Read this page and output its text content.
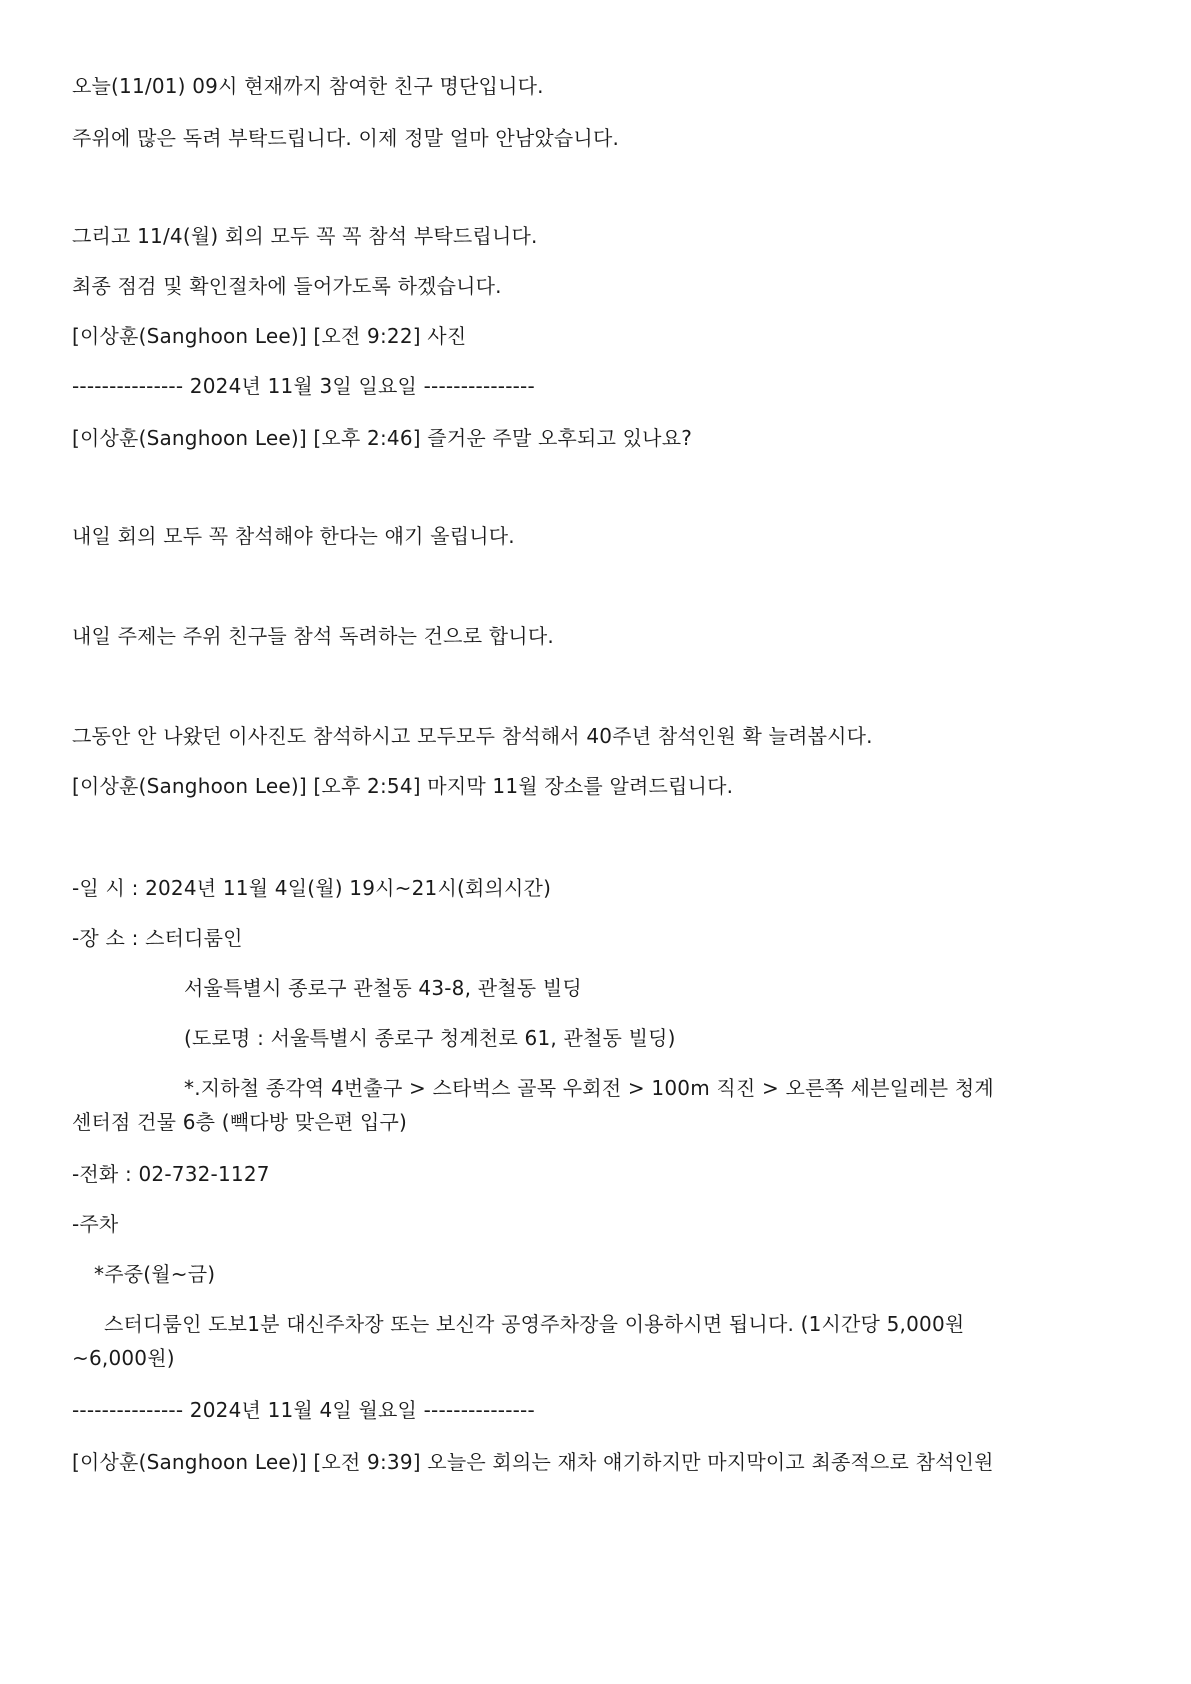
오늘(11/01) 09시 현재까지 참여한 친구 명단입니다.
주위에 많은 독려 부탁드립니다. 이제 정말 얼마 안남았습니다.
그리고 11/4(월) 회의 모두 꼭 꼭 참석 부탁드립니다.
최종 점검 및 확인절차에 들어가도록 하겠습니다.
[이상훈(Sanghoon Lee)] [오전 9:22] 사진
--------------- 2024년 11월 3일 일요일 ---------------
[이상훈(Sanghoon Lee)] [오후 2:46] 즐거운 주말 오후되고 있나요?
내일 회의 모두 꼭 참석해야 한다는 얘기 올립니다.
내일 주제는 주위 친구들 참석 독려하는 건으로 합니다.
그동안 안 나왔던 이사진도 참석하시고 모두모두 참석해서 40주년 참석인원 확 늘려봅시다.
[이상훈(Sanghoon Lee)] [오후 2:54] 마지막 11월 장소를 알려드립니다.
-일 시 : 2024년 11월 4일(월) 19시~21시(회의시간)
-장 소 : 스터디룸인
서울특별시 종로구 관철동 43-8, 관철동 빌딩
(도로명 : 서울특별시 종로구 청계천로 61, 관철동 빌딩)
*.지하철 종각역 4번출구 > 스타벅스 골목 우회전 > 100m 직진 > 오른쪽 세븐일레븐 청계
센터점 건물 6층 (빽다방 맞은편 입구)
-전화 : 02-732-1127
-주차
*주중(월~금)
스터디룸인 도보1분 대신주차장 또는 보신각 공영주차장을 이용하시면 됩니다. (1시간당 5,000원
~6,000원)
--------------- 2024년 11월 4일 월요일 ---------------
[이상훈(Sanghoon Lee)] [오전 9:39] 오늘은 회의는 재차 얘기하지만 마지막이고 최종적으로 참석인원
